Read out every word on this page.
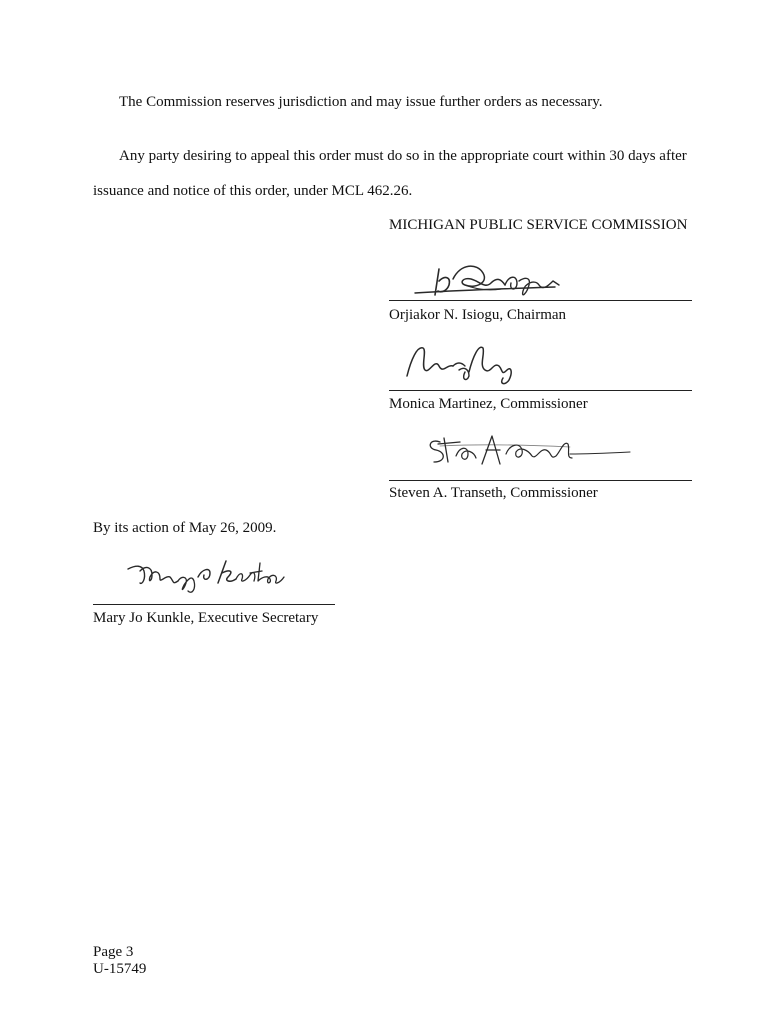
The Commission reserves jurisdiction and may issue further orders as necessary.
Any party desiring to appeal this order must do so in the appropriate court within 30 days after
issuance and notice of this order, under MCL 462.26.
MICHIGAN PUBLIC SERVICE COMMISSION
Orjiakor N. Isiogu, Chairman
Monica Martinez, Commissioner
Steven A. Transeth, Commissioner
By its action of May 26, 2009.
Mary Jo Kunkle, Executive Secretary
Page 3
U-15749
